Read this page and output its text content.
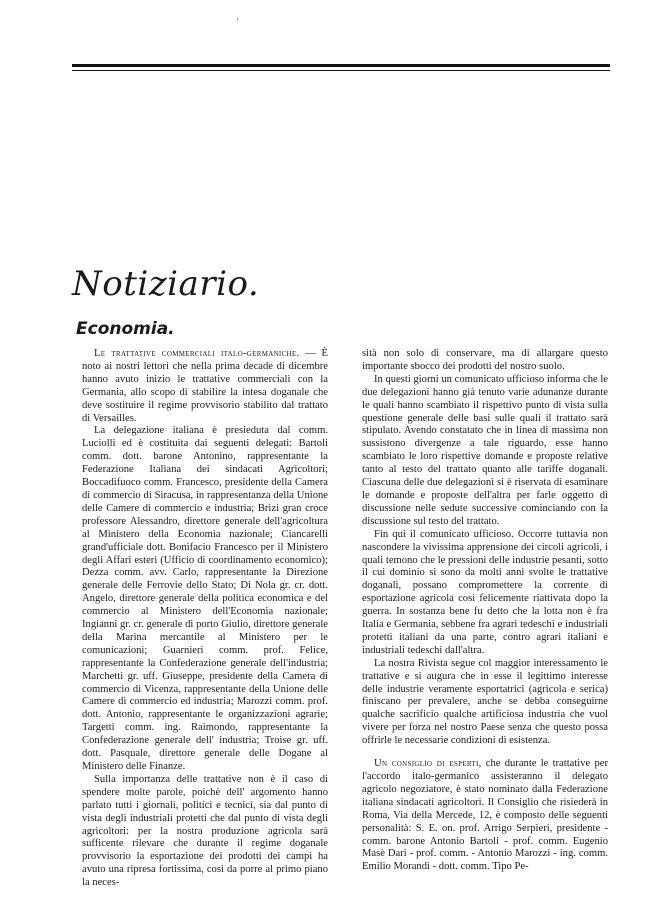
'
Notiziario.
Economia.

Le trattative commerciali italo-germaniche. — È noto ai nostri lettori che nella prima decade di dicembre hanno avuto inizio le trattative commerciali con la Germania, allo scopo di stabilire la intesa doganale che deve sostituire il regime provvisorio stabilito dal trattato di Versailles.

La delegazione italiana è presieduta dal comm. Luciolli ed è costituita dai seguenti delegati: Bartoli comm. dott. barone Antonino, rappresentante la Federazione Italiana dei sindacati Agricoltori; Boccadifuoco comm. Francesco, presidente della Camera di commercio di Siracusa, in rappresentanza della Unione delle Camere di commercio e industria; Brizi gran croce professore Alessandro, direttore generale dell'agricoltura al Ministero della Economia nazionale; Ciancarelli grand'ufficiale dott. Bonifacio Francesco per il Ministero degli Affari esteri (Ufficio di coordinamento economico); Dezza comm. avv. Carlo, rappresentante la Direzione generale delle Ferrovie dello Stato; Di Nola gr. cr. dott. Angelo, direttore generale della politica economica e del commercio al Ministero dell'Economia nazionale; Ingianni gr. cr. generale di porto Giulio, direttore generale della Marina mercantile al Ministero per le comunicazioni; Guarnieri comm. prof. Felice, rappresentante la Confederazione generale dell'industria; Marchetti gr. uff. Giuseppe, presidente della Camera di commercio di Vicenza, rappresentante della Unione delle Camere di commercio ed industria; Marozzi comm. prof. dott. Antonio, rappresentante le organizzazioni agrarie; Targetti comm. ing. Raimondo, rappresentante la Confederazione generale dell' industria; Troise gr. uff. dott. Pasquale, direttore generale delle Dogane al Ministero delle Finanze.

Sulla importanza delle trattative non è il caso di spendere molte parole, poichè dell' argomento hanno parlato tutti i giornali, politici e tecnici, sia dal punto di vista degli industriali protetti che dal punto di vista degli agricoltori: per la nostra produzione agricola sarà sufficente rilevare che durante il regime doganale provvisorio la esportazione dei prodotti dei campi ha avuto una ripresa fortissima, così da porre al primo piano la neces-

sità non solo di conservare, ma di allargare questo importante sbocco dei prodotti del nostro suolo.

In questi giorni un comunicato ufficioso informa che le due delegazioni hanno già tenuto varie adunanze durante le quali hanno scambiato il rispettivo punto di vista sulla questione generale delle basi sulle quali il trattato sarà stipulato. Avendo constatato che in linea di massima non sussistono divergenze a tale riguardo, esse hanno scambiato le loro rispettive domande e proposte relative tanto al testo del trattato quanto alle tariffe doganali. Ciascuna delle due delegazioni si è riservata di esaminare le domande e proposte dell'altra per farle oggetto di discussione nelle sedute successive cominciando con la discussione sul testo del trattato.

Fin qui il comunicato ufficioso. Occorre tuttavia non nascondere la vivissima apprensione dei circoli agricoli, i quali temono che le pressioni delle industrie pesanti, sotto il cui dominio si sono da molti anni svolte le trattative doganali, possano compromettere la corrente di esportazione agricola così felicemente riattivata dopo la guerra. In sostanza bene fu detto che la lotta non è fra Italia e Germania, sebbene fra agrari tedeschi e industriali protetti italiani da una parte, contro agrari italiani e industriali tedeschi dall'altra.

La nostra Rivista segue col maggior interessamento le trattative e si augura che in esse il legittimo interesse delle industrie veramente esportatrici (agricola e serica) finiscano per prevalere, anche se debba conseguirne qualche sacrificio qualche artificiosa industria che vuol vivere per forza nel nostro Paese senza che questo possa offrirle le necessarie condizioni di esistenza.

Un consiglio di esperti, che durante le trattative per l'accordo italo-germanico assisteranno il delegato agricolo negoziatore, è stato nominato dalla Federazione italiana sindacati agricoltori. Il Consiglio che risiederà in Roma, Via della Mercede, 12, è composto delle seguenti personalità: S. E. on. prof. Arrigo Serpieri, presidente - comm. barone Antonio Bartoli - prof. comm. Eugenio Masè Dari - prof. comm. - Antonio Marozzi - ing. comm. Emilio Morandi - dott. comm. Tipo Pe-
